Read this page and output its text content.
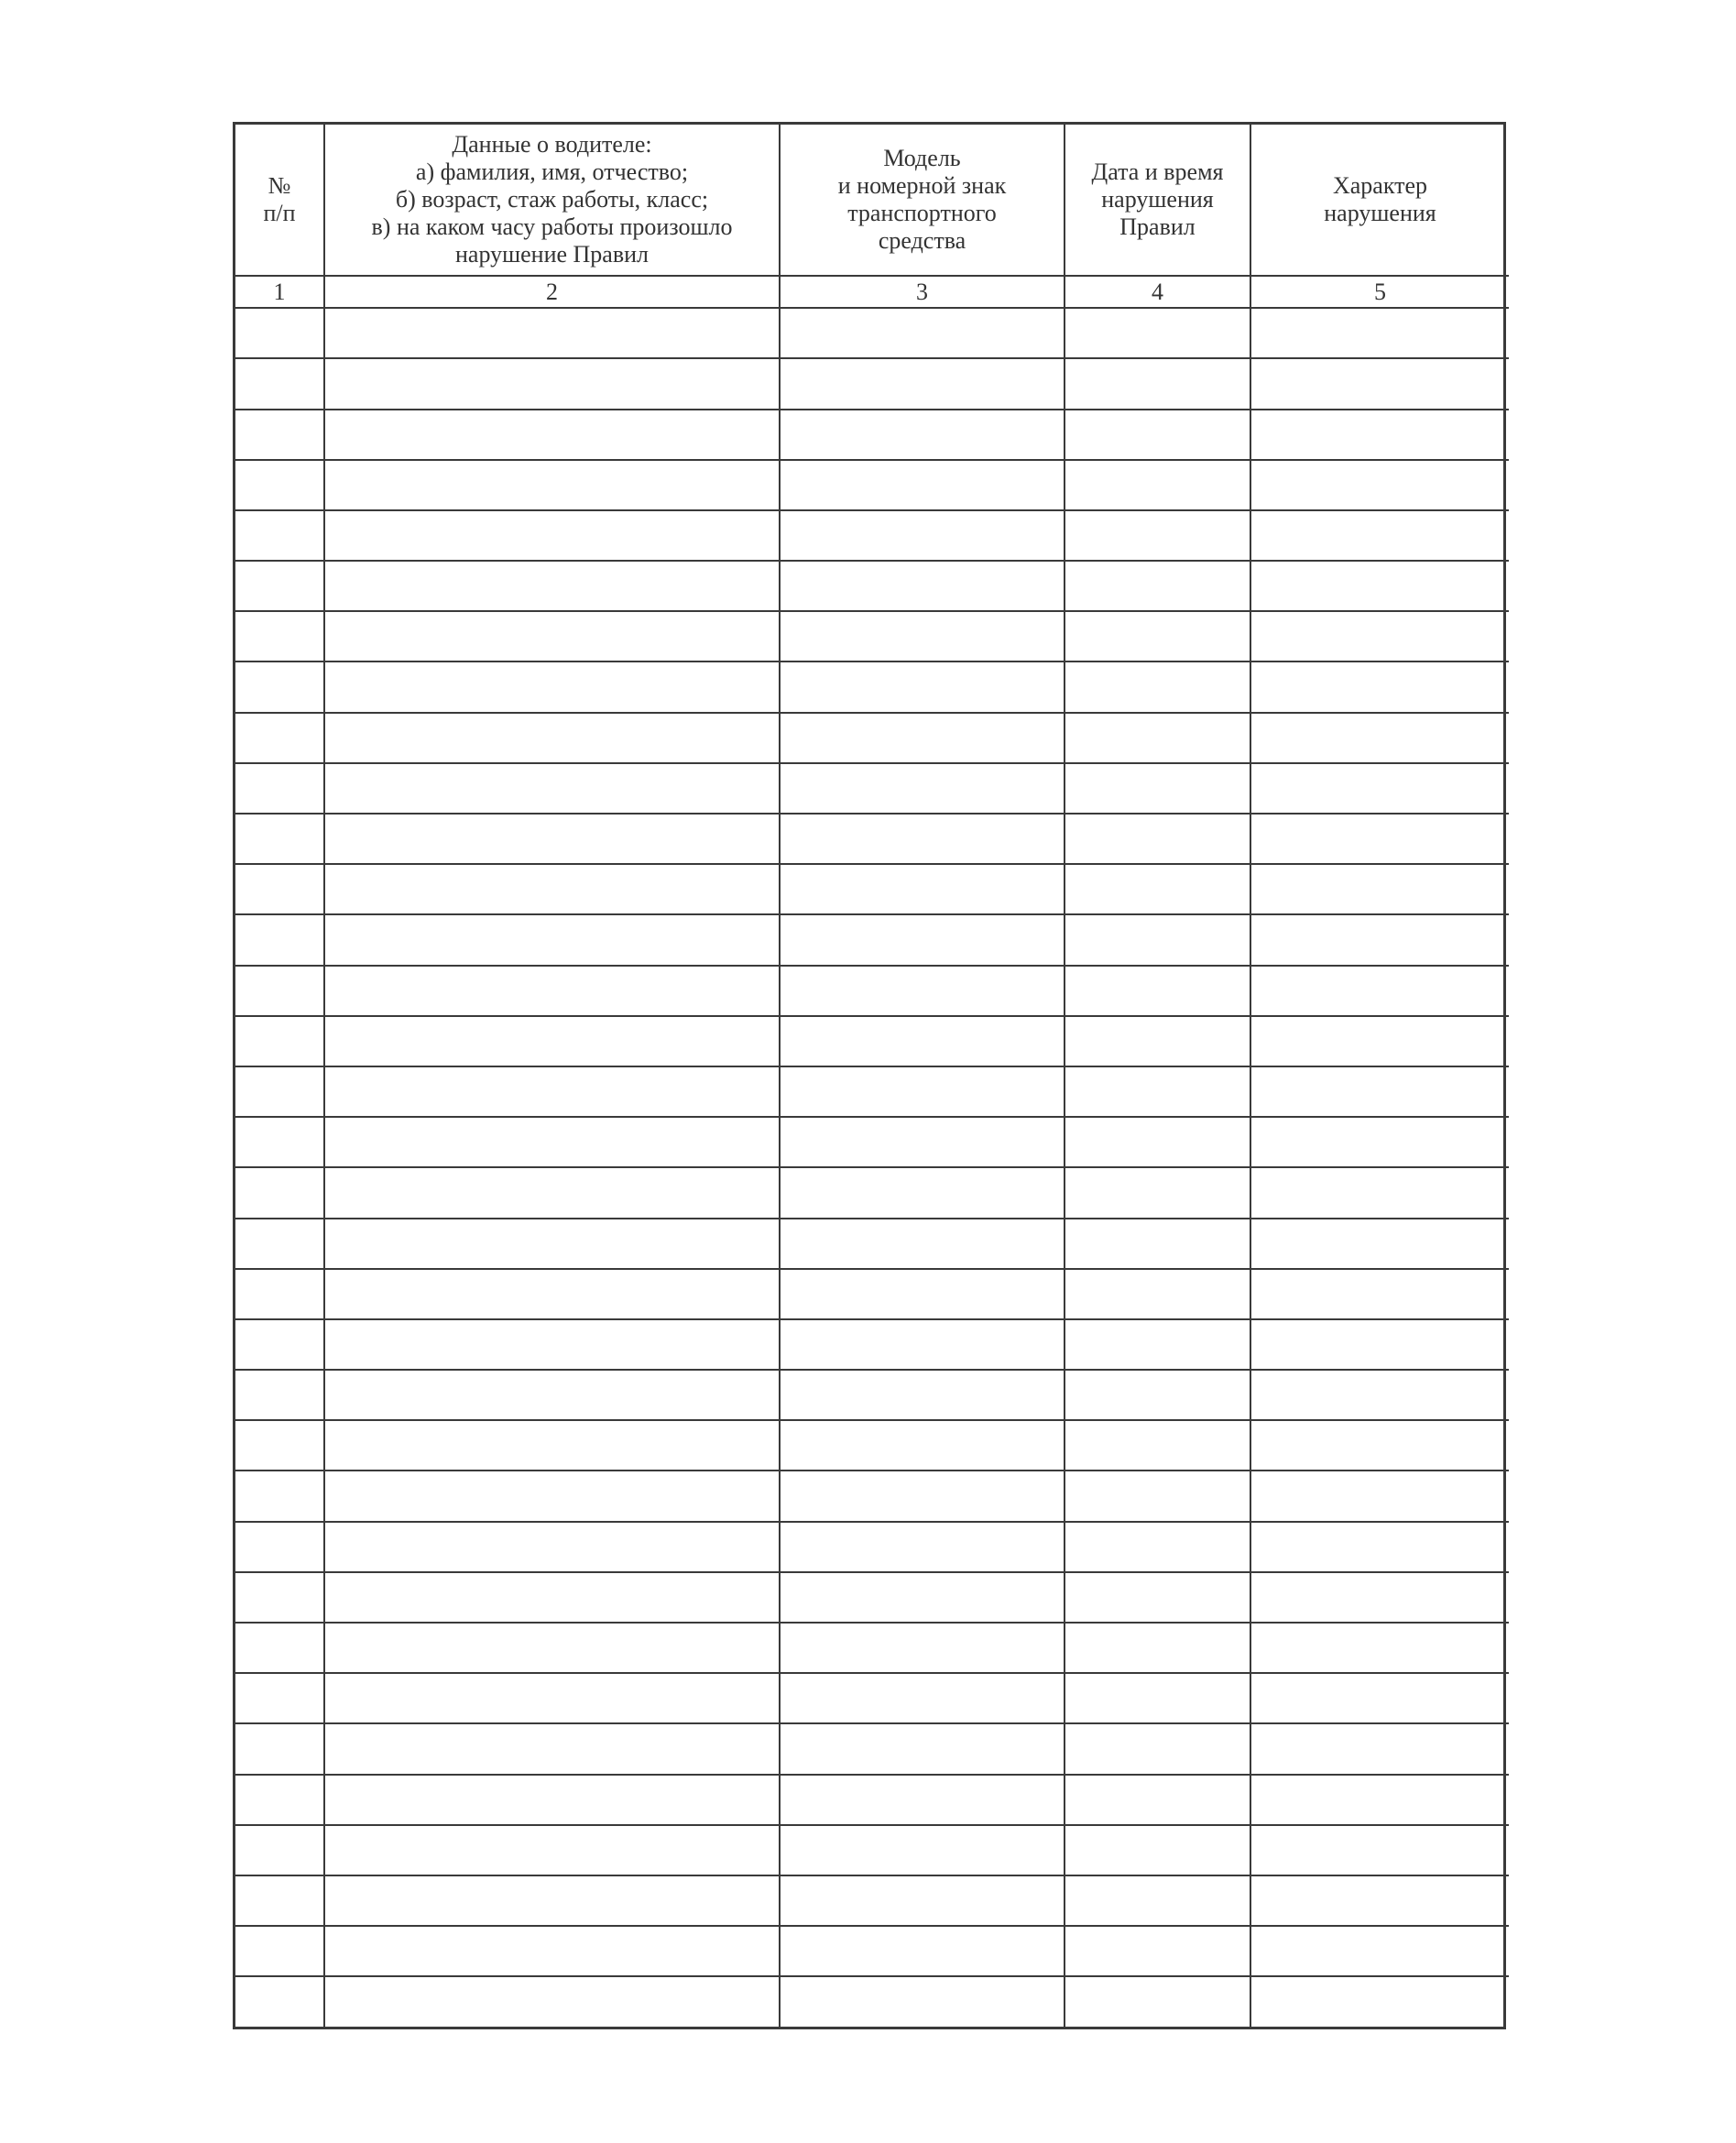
№
п/п	Данные о водителе:
а) фамилия, имя, отчество;
б) возраст, стаж работы, класс;
в) на каком часу работы произошло
нарушение Правил	Модель
и номерной знак
транспортного
средства	Дата и время
нарушения
Правил	Характер
нарушения

1	2	3	4	5
